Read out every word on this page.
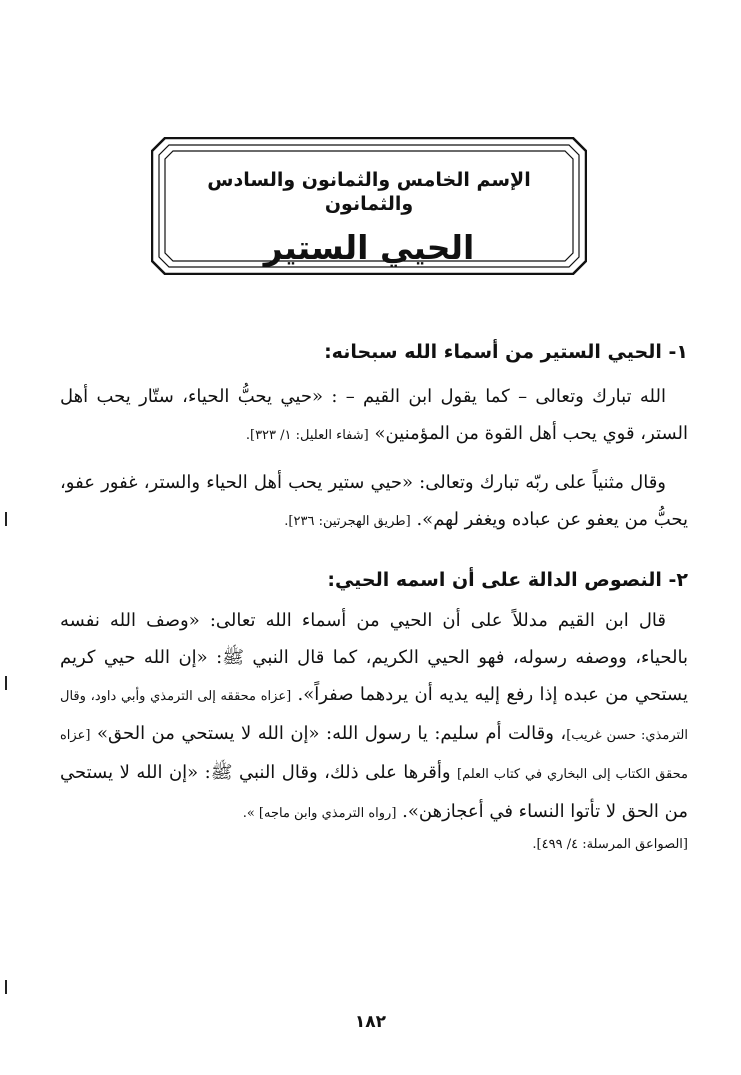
الإسم الخامس والثمانون والسادس والثمانون
الحيي الستير
١- الحيي الستير من أسماء الله سبحانه:
الله تبارك وتعالى – كما يقول ابن القيم – : «حيي يحبُّ الحياء، ستّار يحب أهل الستر، قوي يحب أهل القوة من المؤمنين» [شفاء العليل: ١/ ٣٢٣].
وقال مثنياً على ربّه تبارك وتعالى: «حيي ستير يحب أهل الحياء والستر، غفور عفو، يحبُّ من يعفو عن عباده ويغفر لهم». [طريق الهجرتين: ٢٣٦].
٢- النصوص الدالة على أن اسمه الحيي:
قال ابن القيم مدللاً على أن الحيي من أسماء الله تعالى: «وصف الله نفسه بالحياء، ووصفه رسوله، فهو الحيي الكريم، كما قال النبي ﷺ: «إن الله حيي كريم يستحي من عبده إذا رفع إليه يديه أن يردهما صفراً». [عزاه محققه إلى الترمذي وأبي داود، وقال الترمذي: حسن غريب]، وقالت أم سليم: يا رسول الله: «إن الله لا يستحي من الحق» [عزاه محقق الكتاب إلى البخاري في كتاب العلم] وأقرها على ذلك، وقال النبي ﷺ: «إن الله لا يستحي من الحق لا تأتوا النساء في أعجازهن». [رواه الترمذي وابن ماجه] ».
[الصواعق المرسلة: ٤/ ٤٩٩].
١٨٢
